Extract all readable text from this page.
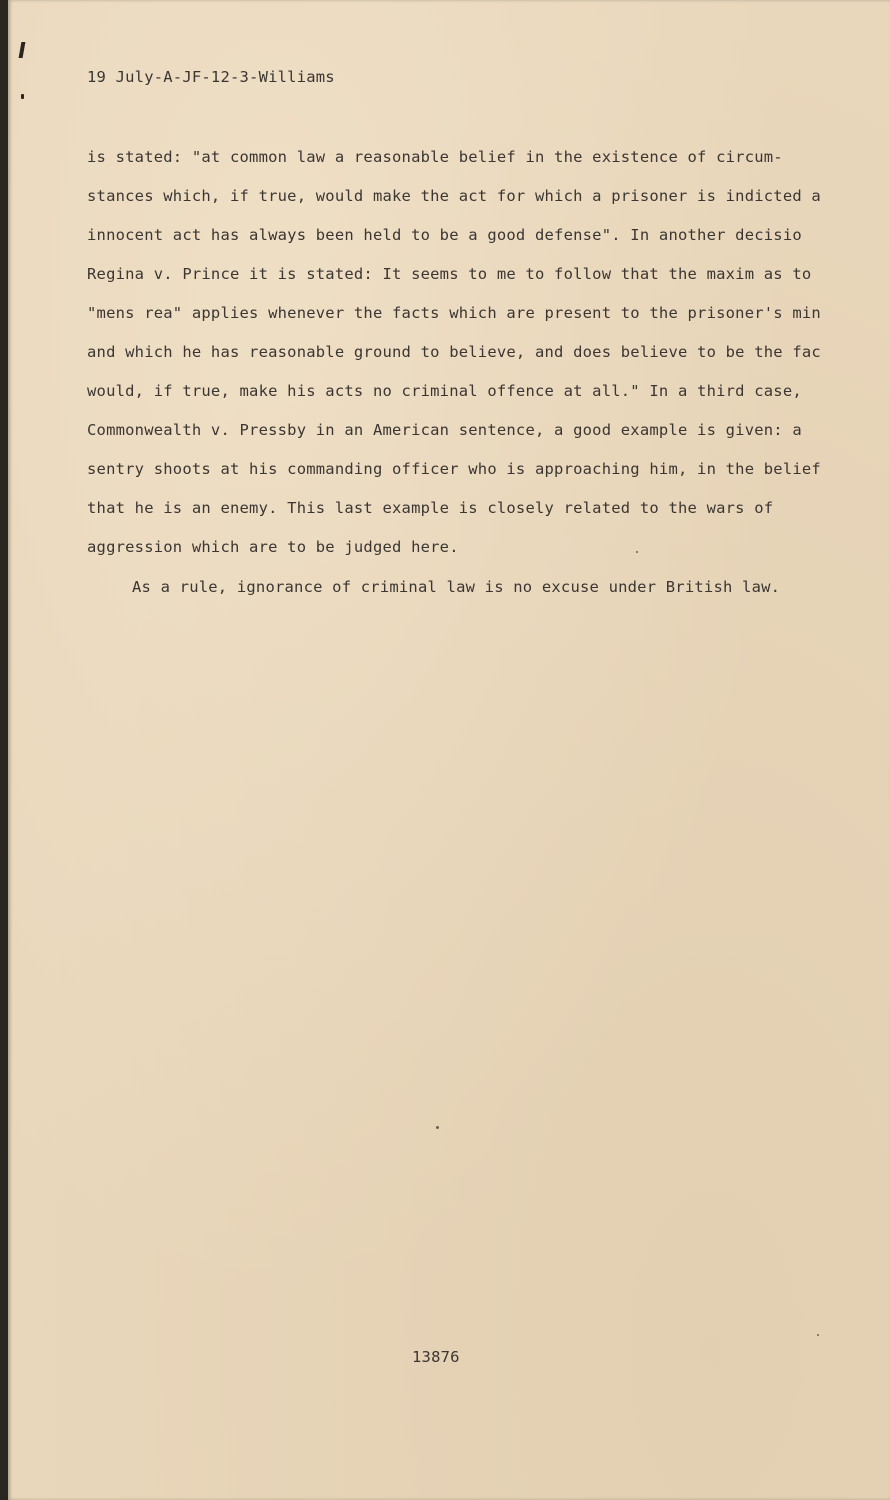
19 July-A-JF-12-3-Williams
is stated: "at common law a reasonable belief in the existence of circum-
stances which, if true, would make the act for which a prisoner is indicted a
innocent act has always been held to be a good defense". In another decisio
Regina v. Prince it is stated: It seems to me to follow that the maxim as to
"mens rea" applies whenever the facts which are present to the prisoner's min
and which he has reasonable ground to believe, and does believe to be the fac
would, if true, make his acts no criminal offence at all." In a third case,
Commonwealth v. Pressby in an American sentence, a good example is given: a
sentry shoots at his commanding officer who is approaching him, in the belief
that he is an enemy. This last example is closely related to the wars of
aggression which are to be judged here.
As a rule, ignorance of criminal law is no excuse under British law.
13876
